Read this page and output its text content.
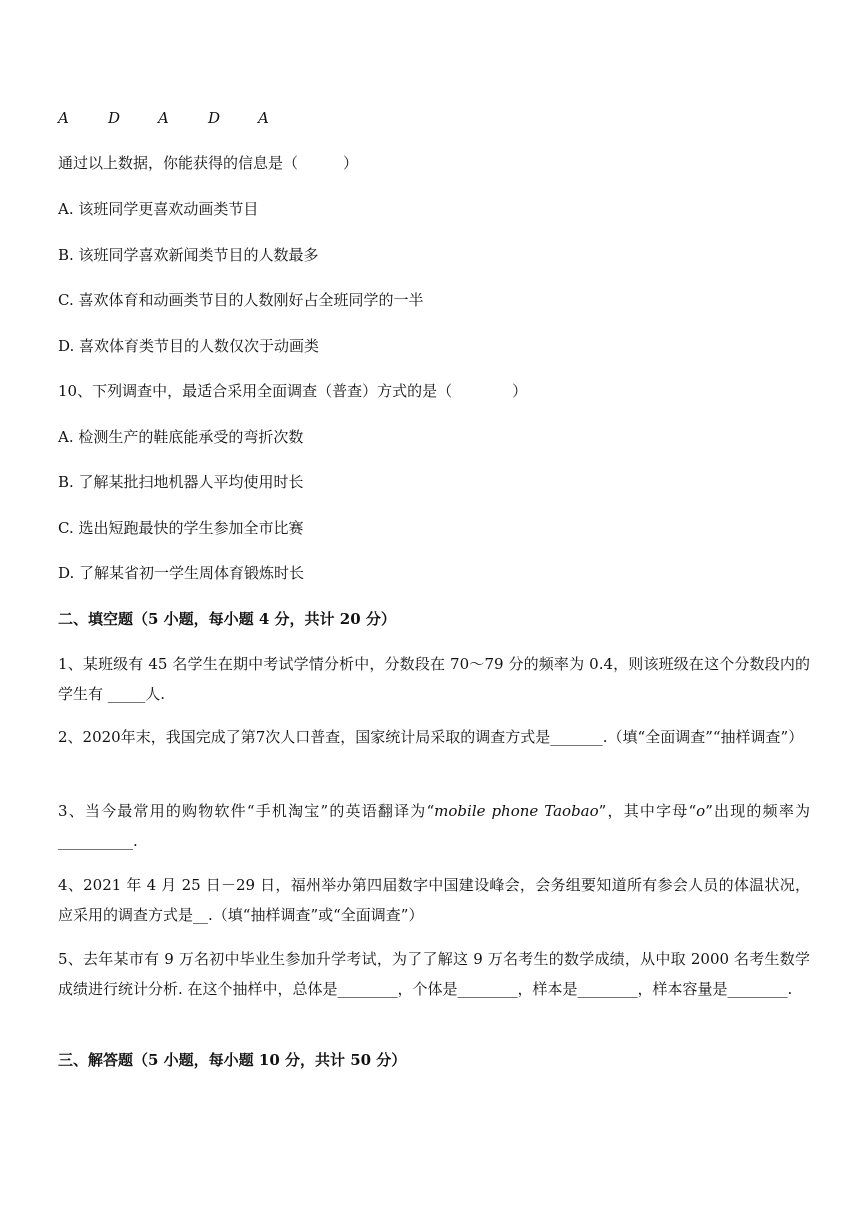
A	D	A	D	A
通过以上数据，你能获得的信息是（　　　）
A. 该班同学更喜欢动画类节目
B. 该班同学喜欢新闻类节目的人数最多
C. 喜欢体育和动画类节目的人数刚好占全班同学的一半
D. 喜欢体育类节目的人数仅次于动画类
10、下列调查中，最适合采用全面调查（普查）方式的是（　　　　）
A. 检测生产的鞋底能承受的弯折次数
B. 了解某批扫地机器人平均使用时长
C. 选出短跑最快的学生参加全市比赛
D. 了解某省初一学生周体育锻炼时长
二、填空题（5 小题，每小题 4 分，共计 20 分）
1、某班级有 45 名学生在期中考试学情分析中，分数段在 70～79 分的频率为 0.4，则该班级在这个分数段内的学生有 _____人.
2、2020年末，我国完成了第7次人口普查，国家统计局采取的调查方式是_______.（填“全面调查”“抽样调查”）
3、当今最常用的购物软件“手机淘宝”的英语翻译为“mobile phone Taobao”，其中字母“o”出现的频率为__________.
4、2021 年 4 月 25 日－29 日，福州举办第四届数字中国建设峰会，会务组要知道所有参会人员的体温状况，应采用的调查方式是__.（填“抽样调查”或“全面调查”）
5、去年某市有 9 万名初中毕业生参加升学考试，为了了解这 9 万名考生的数学成绩，从中取 2000 名考生数学成绩进行统计分析. 在这个抽样中，总体是________，个体是________，样本是________，样本容量是________.
三、解答题（5 小题，每小题 10 分，共计 50 分）
